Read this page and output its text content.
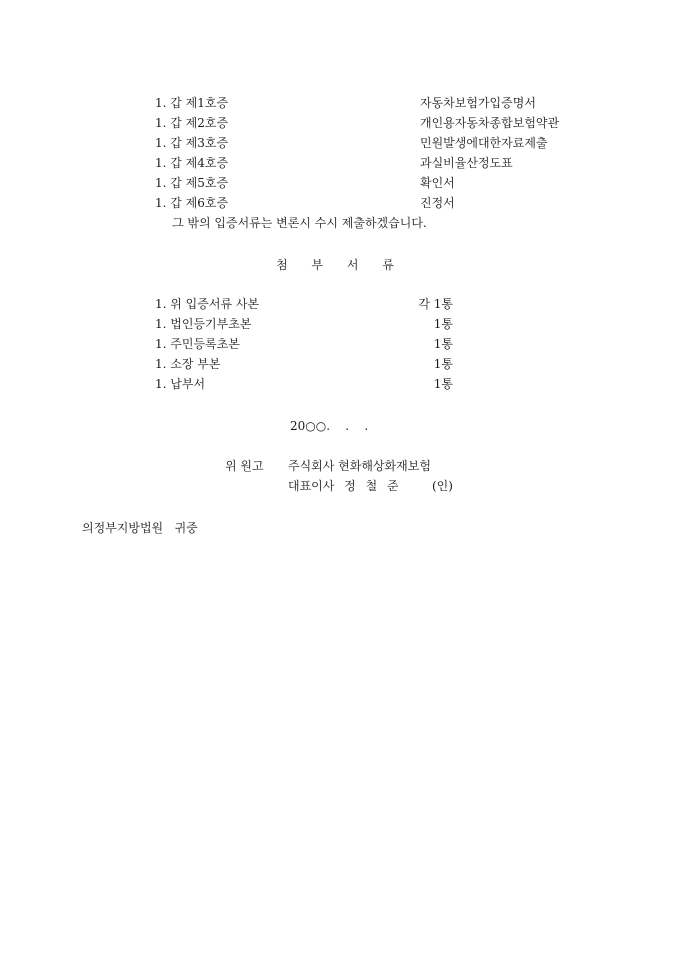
1. 갑 제1호증	자동차보험가입증명서
1. 갑 제2호증	개인용자동차종합보험약관
1. 갑 제3호증	민원발생에대한자료제출
1. 갑 제4호증	과실비율산정도표
1. 갑 제5호증	확인서
1. 갑 제6호증	진정서
그 밖의 입증서류는 변론시 수시 제출하겠습니다.
첨 부 서 류
1. 위 입증서류 사본	각 1통
1. 법인등기부초본	1통
1. 주민등록초본	1통
1. 소장 부본	1통
1. 납부서	1통
20○○.    .    .
위 원고 주식회사 현화해상화재보험
대표이사 정 철 준	(인)
의정부지방법원   귀중
